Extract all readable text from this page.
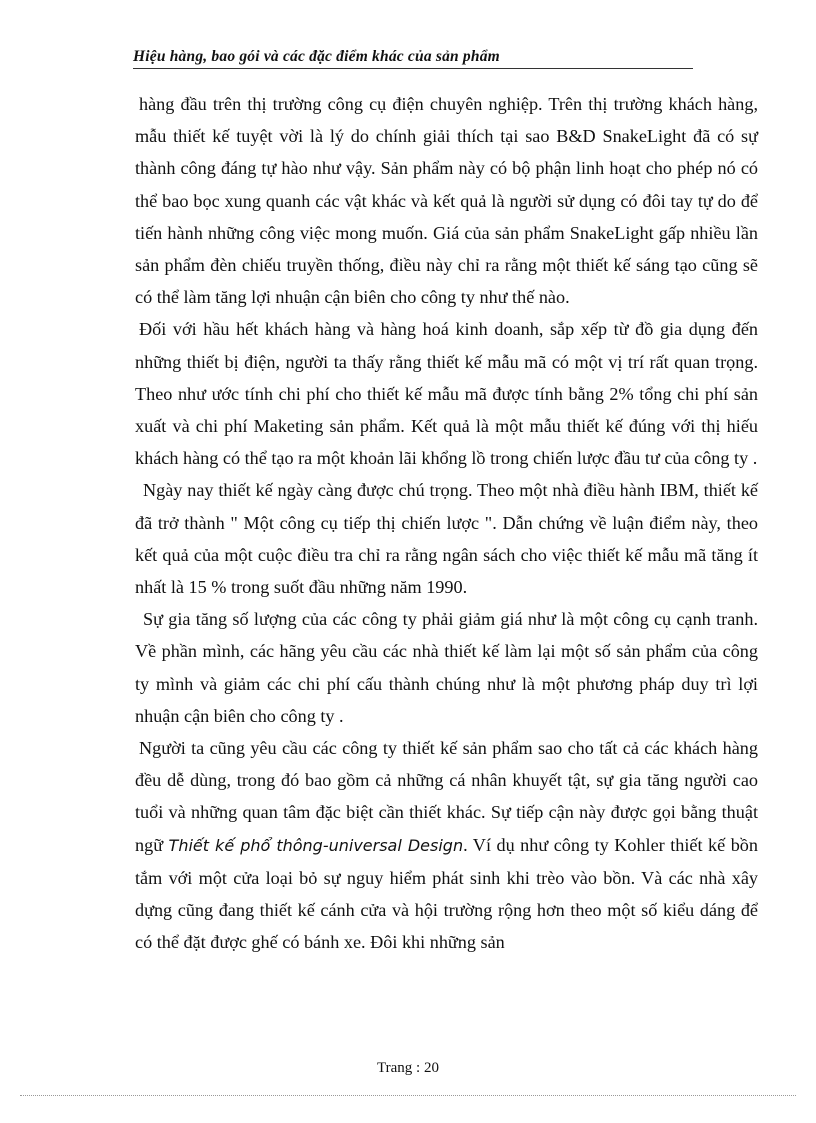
Hiệu hàng, bao gói và các đặc điểm khác của sản phẩm

hàng đầu trên thị trường công cụ điện chuyên nghiệp. Trên thị trường khách hàng, mẫu thiết kế tuyệt vời là lý do chính giải thích tại sao B&D SnakeLight đã có sự thành công đáng tự hào như vậy. Sản phẩm này có bộ phận linh hoạt cho phép nó có thể bao bọc xung quanh các vật khác và kết quả là người sử dụng có đôi tay tự do để tiến hành những công việc mong muốn. Giá của sản phẩm SnakeLight gấp nhiều lần sản phẩm đèn chiếu truyền thống, điều này chỉ ra rằng một thiết kế sáng tạo cũng sẽ có thể làm tăng lợi nhuận cận biên cho công ty như thế nào.

Đối với hầu hết khách hàng và hàng hoá kinh doanh, sắp xếp từ đồ gia dụng đến những thiết bị điện, người ta thấy rằng thiết kế mẫu mã có một vị trí rất quan trọng. Theo như ước tính chi phí cho thiết kế mẫu mã được tính bằng 2% tổng chi phí sản xuất và chi phí Maketing sản phẩm. Kết quả là một mẫu thiết kế đúng với thị hiếu khách hàng có thể tạo ra một khoản lãi khổng lồ trong chiến lược đầu tư của công ty .

Ngày nay thiết kế ngày càng được chú trọng. Theo một nhà điều hành IBM, thiết kế đã trở thành " Một công cụ tiếp thị chiến lược ". Dẫn chứng về luận điểm này, theo kết quả của một cuộc điều tra chỉ ra rằng ngân sách cho việc thiết kế mẫu mã tăng ít nhất là 15 % trong suốt đầu những năm 1990.

Sự gia tăng số lượng của các công ty phải giảm giá như là một công cụ cạnh tranh. Về phần mình, các hãng yêu cầu các nhà thiết kế làm lại một số sản phẩm của công ty mình và giảm các chi phí cấu thành chúng như là một phương pháp duy trì lợi nhuận cận biên cho công ty .

Người ta cũng yêu cầu các công ty thiết kế sản phẩm sao cho tất cả các khách hàng đều dễ dùng, trong đó bao gồm cả những cá nhân khuyết tật, sự gia tăng người cao tuổi và những quan tâm đặc biệt cần thiết khác. Sự tiếp cận này được gọi bằng thuật ngữ Thiết kế phổ thông-universal Design. Ví dụ như công ty Kohler thiết kế bồn tắm với một cửa loại bỏ sự nguy hiểm phát sinh khi trèo vào bồn. Và các nhà xây dựng cũng đang thiết kế cánh cửa và hội trường rộng hơn theo một số kiểu dáng để có thể đặt được ghế có bánh xe. Đôi khi những sản

Trang : 20
